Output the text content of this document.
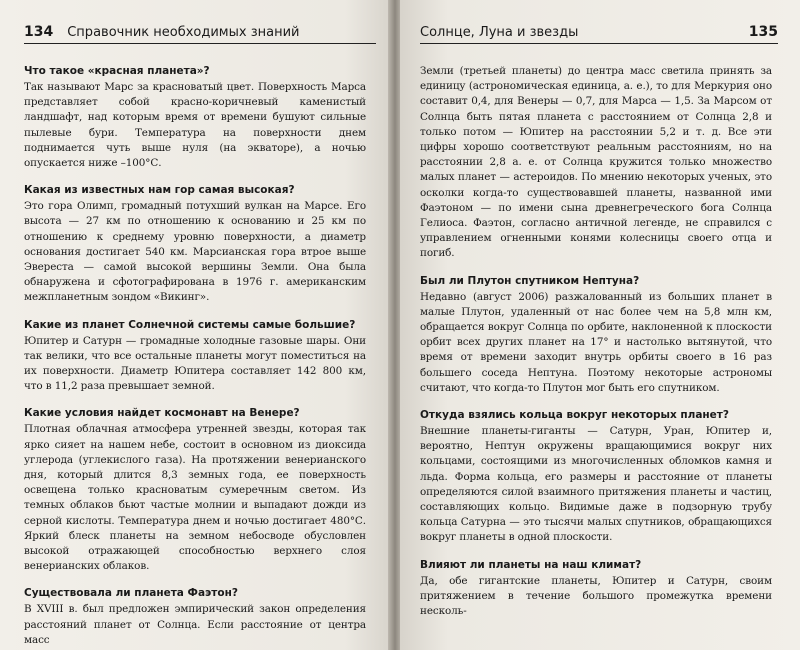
134 Справочник необходимых знаний

Что такое «красная планета»?

Так называют Марс за красноватый цвет. Поверхность Марса представляет собой красно-коричневый каменистый ландшафт, над которым время от времени бушуют сильные пылевые бури. Температура на поверхности днем поднимается чуть выше нуля (на экваторе), а ночью опускается ниже –100°С.

Какая из известных нам гор самая высокая?

Это гора Олимп, громадный потухший вулкан на Марсе. Его высота — 27 км по отношению к основанию и 25 км по отношению к среднему уровню поверхности, а диаметр основания достигает 540 км. Марсианская гора втрое выше Эвереста — самой высокой вершины Земли. Она была обнаружена и сфотографирована в 1976 г. американским межпланетным зондом «Викинг».

Какие из планет Солнечной системы самые большие?

Юпитер и Сатурн — громадные холодные газовые шары. Они так велики, что все остальные планеты могут поместиться на их поверхности. Диаметр Юпитера составляет 142 800 км, что в 11,2 раза превышает земной.

Какие условия найдет космонавт на Венере?

Плотная облачная атмосфера утренней звезды, которая так ярко сияет на нашем небе, состоит в основном из диоксида углерода (углекислого газа). На протяжении венерианского дня, который длится 8,3 земных года, ее поверхность освещена только красноватым сумеречным светом. Из темных облаков бьют частые молнии и выпадают дожди из серной кислоты. Температура днем и ночью достигает 480°С. Яркий блеск планеты на земном небосводе обусловлен высокой отражающей способностью верхнего слоя венерианских облаков.

Существовала ли планета Фаэтон?

В XVIII в. был предложен эмпирический закон определения расстояний планет от Солнца. Если расстояние от центра масс

Солнце, Луна и звезды	135

Земли (третьей планеты) до центра масс светила принять за единицу (астрономическая единица, а. е.), то для Меркурия оно составит 0,4, для Венеры — 0,7, для Марса — 1,5. За Марсом от Солнца быть пятая планета с расстоянием от Солнца 2,8 и только потом — Юпитер на расстоянии 5,2 и т. д. Все эти цифры хорошо соответствуют реальным расстояниям, но на расстоянии 2,8 а. е. от Солнца кружится только множество малых планет — астероидов. По мнению некоторых ученых, это осколки когда-то существовавшей планеты, названной ими Фаэтоном — по имени сына древнегреческого бога Солнца Гелиоса. Фаэтон, согласно античной легенде, не справился с управлением огненными конями колесницы своего отца и погиб.

Был ли Плутон спутником Нептуна?

Недавно (август 2006) разжалованный из больших планет в малые Плутон, удаленный от нас более чем на 5,8 млн км, обращается вокруг Солнца по орбите, наклоненной к плоскости орбит всех других планет на 17° и настолько вытянутой, что время от времени заходит внутрь орбиты своего в 16 раз большего соседа Нептуна. Поэтому некоторые астрономы считают, что когда-то Плутон мог быть его спутником.

Откуда взялись кольца вокруг некоторых планет?

Внешние планеты-гиганты — Сатурн, Уран, Юпитер и, вероятно, Нептун окружены вращающимися вокруг них кольцами, состоящими из многочисленных обломков камня и льда. Форма кольца, его размеры и расстояние от планеты определяются силой взаимного притяжения планеты и частиц, составляющих кольцо. Видимые даже в подзорную трубу кольца Сатурна — это тысячи малых спутников, обращающихся вокруг планеты в одной плоскости.

Влияют ли планеты на наш климат?

Да, обе гигантские планеты, Юпитер и Сатурн, своим притяжением в течение большого промежутка времени несколь-
